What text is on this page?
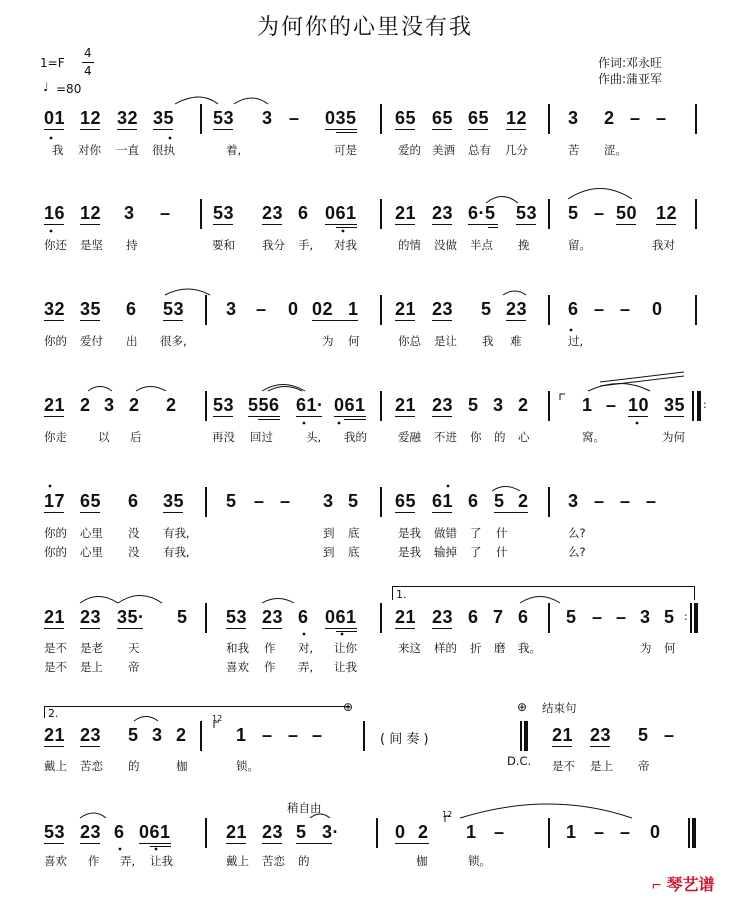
为何你的心里没有我
1=F
4
4
♩ =80
作词:邓永旺
作曲:蒲亚军
01 12 32 35 53 3 – 035 65 65 65 12 3 2 – –
我 对你 一直 很执	着,	可是	爱的 美酒 总有 几分	苦 涩。
16 12 3 – 53 23 6 061 21 23 6·5 53 5 – 50 12
你还 是坚 持	要和 我分 手, 对我	的情 没做 半点 挽	留。	我对
32 35 6 53 3 – 0 02 1 21 23 5 23 6 – – 0
你的 爱付 出 很多,	为 何	你总 是让 我 难	过,
21 2 3 2 2 53 556 61· 061 21 23 5 3 2	1 – 10 35 :
你走	以 后	再没 回过	头, 我的	爱融 不进 你 的 心	窝。	为何
17 65 6 35 5 – – 3 5 65 61 6 5 2 3 – – –
你的 心里 没 有我,	到 底	是我 做错 了 什	么?
你的 心里 没 有我,	到 底	是我 输掉 了 什	么?
1.
21 23 35· 5 53 23 6 061 21 23 6 7 6 5 – – 3 5 :
是不 是老 天	和我 作 对, 让你	来这 样的 折 磨 我。	为 何
是不 是上 帝	喜欢 作 弄, 让我
2.	⊕	⊕ 结束句
12
21 23 5 3 2	1 – – –	21 23 5 –
( 间 奏 )
戴上 苦恋 的	枷	锁。	D.C. 是不 是上 帝
稍自由	12
53 23 6 061	21 23 5 3·	0 2 1 –	1 – – 0
喜欢 作 弄, 让我	戴上 苦恋 的	枷	锁。
⌐ 琴艺谱
